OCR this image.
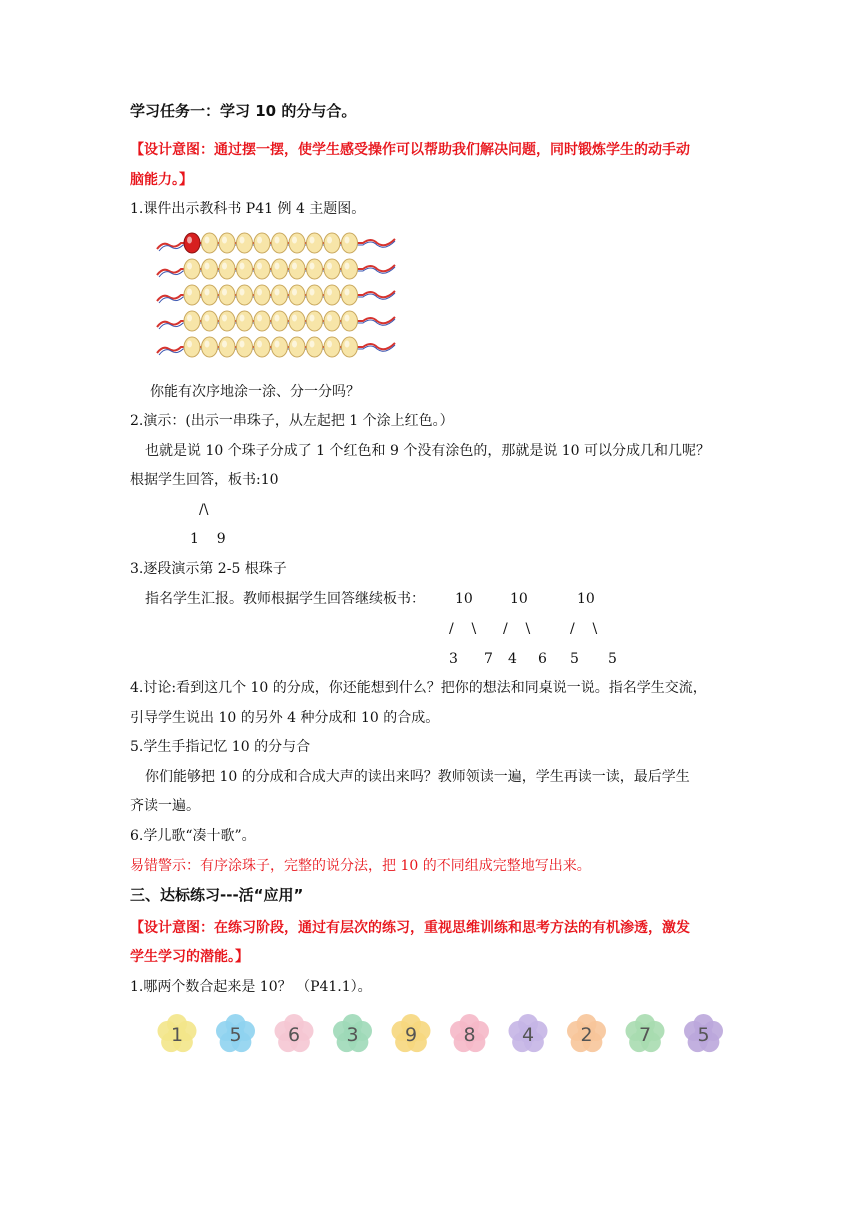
学习任务一：学习 10 的分与合。
【设计意图：通过摆一摆，使学生感受操作可以帮助我们解决问题，同时锻炼学生的动手动
脑能力。】
1.课件出示教科书 P41 例 4 主题图。
你能有次序地涂一涂、分一分吗？
2.演示：(出示一串珠子，从左起把 1 个涂上红色。）
也就是说 10 个珠子分成了 1 个红色和 9 个没有涂色的，那就是说 10 可以分成几和几呢？
根据学生回答，板书:10
/\
1    9
3.逐段演示第 2-5 根珠子
指名学生汇报。教师根据学生回答继续板书： 10	10	10
/    \ /    \	/    \
3 7 4 6 5 5
4.讨论:看到这几个 10 的分成，你还能想到什么？把你的想法和同桌说一说。指名学生交流，
引导学生说出 10 的另外 4 种分成和 10 的合成。
5.学生手指记忆 10 的分与合
你们能够把 10 的分成和合成大声的读出来吗？教师领读一遍，学生再读一读，最后学生
齐读一遍。
6.学儿歌“凑十歌”。
易错警示：有序涂珠子，完整的说分法，把 10 的不同组成完整地写出来。
三、达标练习---活“应用”
【设计意图：在练习阶段，通过有层次的练习，重视思维训练和思考方法的有机渗透，激发
学生学习的潜能。】
1.哪两个数合起来是 10？ （P41.1）。
1 5 6 3 9 8 4 2 7 5
